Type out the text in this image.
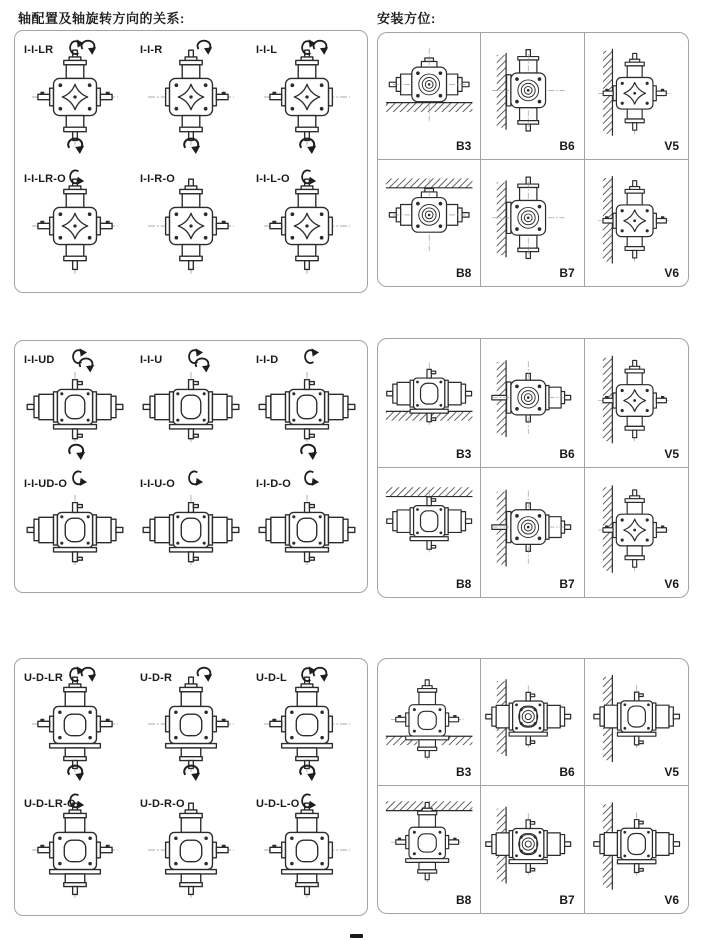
轴配置及轴旋转方向的关系:	安装方位:
I-I-LR	I-I-R	I-I-L
I-I-LR-O	I-I-R-O	I-I-L-O
B3	B6	V5
B8	B7	V6
I-I-UD	I-I-U	I-I-D
I-I-UD-O	I-I-U-O	I-I-D-O
B3	B6	V5
B8	B7	V6
U-D-LR	U-D-R	U-D-L
U-D-LR-O	U-D-R-O	U-D-L-O
B3	B6	V5
B8	B7	V6
